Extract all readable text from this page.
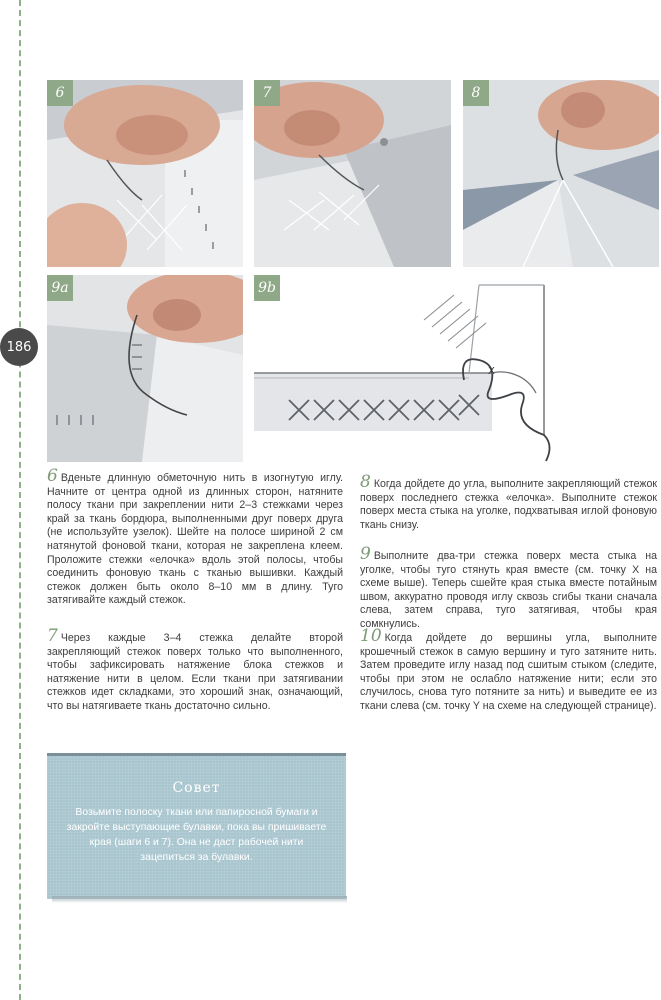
186
6	7	8
9a
X
9b

6 Вденьте длинную обметочную нить в изогнутую иглу. Начните от центра одной из длинных сторон, натяните полосу ткани при закреплении нити 2–3 стежками через край за ткань бордюра, выполненными друг поверх друга (не используйте узелок). Шейте на полосе шириной 2 см натянутой фоновой ткани, которая не закреплена клеем. Проложите стежки «елочка» вдоль этой полосы, чтобы соединить фоновую ткань с тканью вышивки. Каждый стежок должен быть около 8–10 мм в длину. Туго затягивайте каждый стежок.

7 Через каждые 3–4 стежка делайте второй закрепляющий стежок поверх только что выполненного, чтобы зафиксировать натяжение блока стежков и натяжение нити в целом. Если ткани при затягивании стежков идет складками, это хороший знак, означающий, что вы натягиваете ткань достаточно сильно.

8 Когда дойдете до угла, выполните закрепляющий стежок поверх последнего стежка «елочка». Выполните стежок поверх места стыка на уголке, подхватывая иглой фоновую ткань снизу.

9 Выполните два-три стежка поверх места стыка на уголке, чтобы туго стянуть края вместе (см. точку X на схеме выше). Теперь сшейте края стыка вместе потайным швом, аккуратно проводя иглу сквозь сгибы ткани сначала слева, затем справа, туго затягивая, чтобы края сомкнулись.

10 Когда дойдете до вершины угла, выполните крошечный стежок в самую вершину и туго затяните нить. Затем проведите иглу назад под сшитым стыком (следите, чтобы при этом не ослабло натяжение нити; если это случилось, снова туго потяните за нить) и выведите ее из ткани слева (см. точку Y на схеме на следующей странице).

Совет
Возьмите полоску ткани или папиросной бумаги и закройте выступающие булавки, пока вы пришиваете края (шаги 6 и 7). Она не даст рабочей нити зацепиться за булавки.
